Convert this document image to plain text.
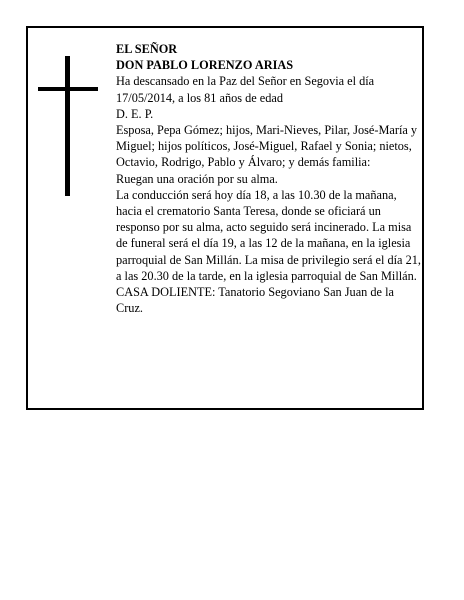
EL SEÑOR

DON PABLO LORENZO ARIAS

Ha descansado en la Paz del Señor en Segovia el día 17/05/2014, a los 81 años de edad

D. E. P.

Esposa, Pepa Gómez; hijos, Mari-Nieves, Pilar, José-María y Miguel; hijos políticos, José-Miguel, Rafael y Sonia; nietos, Octavio, Rodrigo, Pablo y Álvaro; y demás familia:

Ruegan una oración por su alma.

La conducción será hoy día 18, a las 10.30 de la mañana, hacia el crematorio Santa Teresa, donde se oficiará un responso por su alma, acto seguido será incinerado. La misa de funeral será el día 19, a las 12 de la mañana, en la iglesia parroquial de San Millán. La misa de privilegio será el día 21, a las 20.30 de la tarde, en la iglesia parroquial de San Millán.

CASA DOLIENTE: Tanatorio Segoviano San Juan de la Cruz.
